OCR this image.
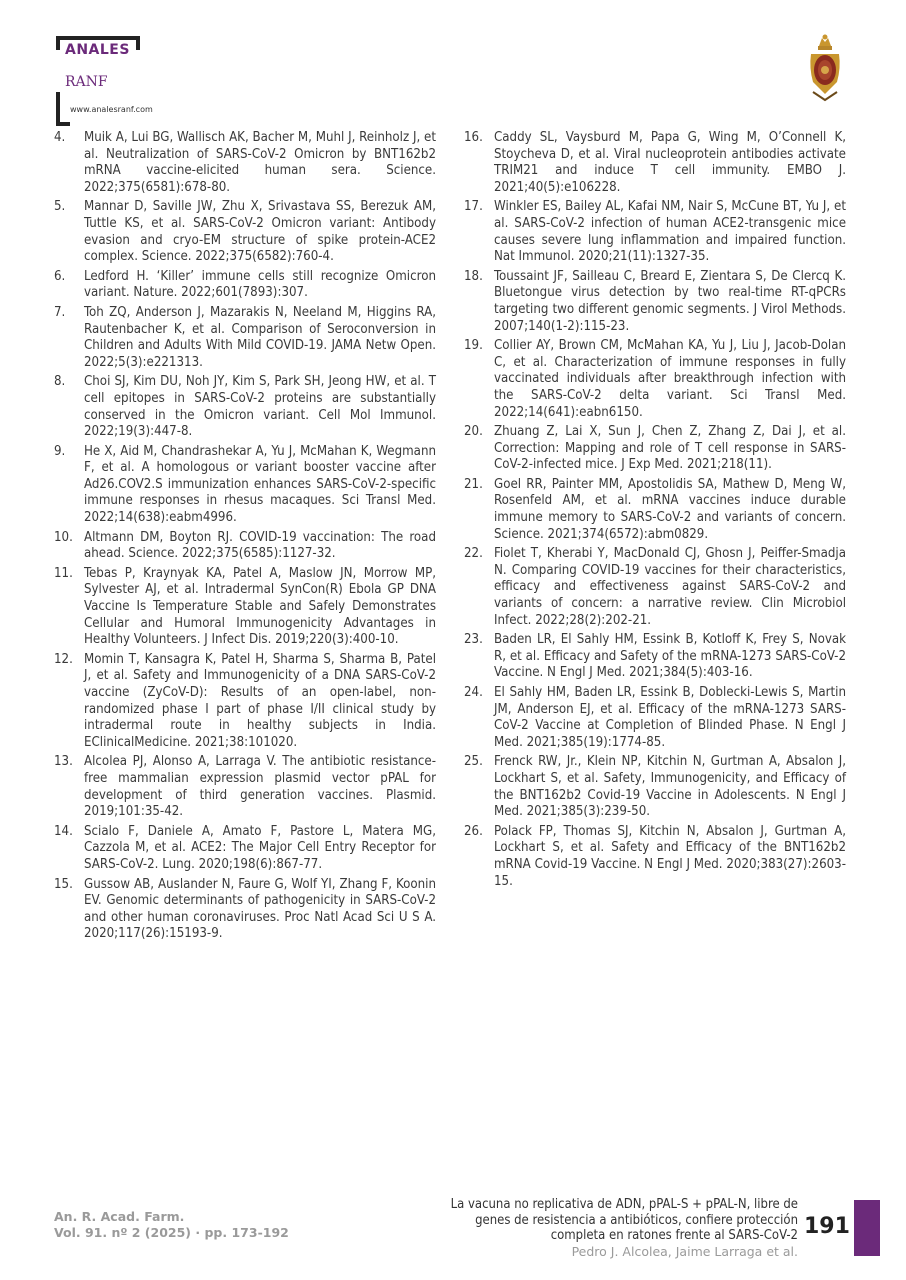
ANALES
RANF
www.analesranf.com
4. Muik A, Lui BG, Wallisch AK, Bacher M, Muhl J, Reinholz J, et al. Neutralization of SARS-CoV-2 Omicron by BNT162b2 mRNA vaccine-elicited human sera. Science. 2022;375(6581):678-80.
5. Mannar D, Saville JW, Zhu X, Srivastava SS, Berezuk AM, Tuttle KS, et al. SARS-CoV-2 Omicron variant: Antibody evasion and cryo-EM structure of spike protein-ACE2 complex. Science. 2022;375(6582):760-4.
6. Ledford H. ‘Killer’ immune cells still recognize Omicron variant. Nature. 2022;601(7893):307.
7. Toh ZQ, Anderson J, Mazarakis N, Neeland M, Higgins RA, Rautenbacher K, et al. Comparison of Seroconversion in Children and Adults With Mild COVID-19. JAMA Netw Open. 2022;5(3):e221313.
8. Choi SJ, Kim DU, Noh JY, Kim S, Park SH, Jeong HW, et al. T cell epitopes in SARS-CoV-2 proteins are substantially conserved in the Omicron variant. Cell Mol Immunol. 2022;19(3):447-8.
9. He X, Aid M, Chandrashekar A, Yu J, McMahan K, Wegmann F, et al. A homologous or variant booster vaccine after Ad26.COV2.S immunization enhances SARS-CoV-2-specific immune responses in rhesus macaques. Sci Transl Med. 2022;14(638):eabm4996.
10. Altmann DM, Boyton RJ. COVID-19 vaccination: The road ahead. Science. 2022;375(6585):1127-32.
11. Tebas P, Kraynyak KA, Patel A, Maslow JN, Morrow MP, Sylvester AJ, et al. Intradermal SynCon(R) Ebola GP DNA Vaccine Is Temperature Stable and Safely Demonstrates Cellular and Humoral Immunogenicity Advantages in Healthy Volunteers. J Infect Dis. 2019;220(3):400-10.
12. Momin T, Kansagra K, Patel H, Sharma S, Sharma B, Patel J, et al. Safety and Immunogenicity of a DNA SARS-CoV-2 vaccine (ZyCoV-D): Results of an open-label, non-randomized phase I part of phase I/II clinical study by intradermal route in healthy subjects in India. EClinicalMedicine. 2021;38:101020.
13. Alcolea PJ, Alonso A, Larraga V. The antibiotic resistance-free mammalian expression plasmid vector pPAL for development of third generation vaccines. Plasmid. 2019;101:35-42.
14. Scialo F, Daniele A, Amato F, Pastore L, Matera MG, Cazzola M, et al. ACE2: The Major Cell Entry Receptor for SARS-CoV-2. Lung. 2020;198(6):867-77.
15. Gussow AB, Auslander N, Faure G, Wolf YI, Zhang F, Koonin EV. Genomic determinants of pathogenicity in SARS-CoV-2 and other human coronaviruses. Proc Natl Acad Sci U S A. 2020;117(26):15193-9.
16. Caddy SL, Vaysburd M, Papa G, Wing M, O’Connell K, Stoycheva D, et al. Viral nucleoprotein antibodies activate TRIM21 and induce T cell immunity. EMBO J. 2021;40(5):e106228.
17. Winkler ES, Bailey AL, Kafai NM, Nair S, McCune BT, Yu J, et al. SARS-CoV-2 infection of human ACE2-transgenic mice causes severe lung inflammation and impaired function. Nat Immunol. 2020;21(11):1327-35.
18. Toussaint JF, Sailleau C, Breard E, Zientara S, De Clercq K. Bluetongue virus detection by two real-time RT-qPCRs targeting two different genomic segments. J Virol Methods. 2007;140(1-2):115-23.
19. Collier AY, Brown CM, McMahan KA, Yu J, Liu J, Jacob-Dolan C, et al. Characterization of immune responses in fully vaccinated individuals after breakthrough infection with the SARS-CoV-2 delta variant. Sci Transl Med. 2022;14(641):eabn6150.
20. Zhuang Z, Lai X, Sun J, Chen Z, Zhang Z, Dai J, et al. Correction: Mapping and role of T cell response in SARS-CoV-2-infected mice. J Exp Med. 2021;218(11).
21. Goel RR, Painter MM, Apostolidis SA, Mathew D, Meng W, Rosenfeld AM, et al. mRNA vaccines induce durable immune memory to SARS-CoV-2 and variants of concern. Science. 2021;374(6572):abm0829.
22. Fiolet T, Kherabi Y, MacDonald CJ, Ghosn J, Peiffer-Smadja N. Comparing COVID-19 vaccines for their characteristics, efficacy and effectiveness against SARS-CoV-2 and variants of concern: a narrative review. Clin Microbiol Infect. 2022;28(2):202-21.
23. Baden LR, El Sahly HM, Essink B, Kotloff K, Frey S, Novak R, et al. Efficacy and Safety of the mRNA-1273 SARS-CoV-2 Vaccine. N Engl J Med. 2021;384(5):403-16.
24. El Sahly HM, Baden LR, Essink B, Doblecki-Lewis S, Martin JM, Anderson EJ, et al. Efficacy of the mRNA-1273 SARS-CoV-2 Vaccine at Completion of Blinded Phase. N Engl J Med. 2021;385(19):1774-85.
25. Frenck RW, Jr., Klein NP, Kitchin N, Gurtman A, Absalon J, Lockhart S, et al. Safety, Immunogenicity, and Efficacy of the BNT162b2 Covid-19 Vaccine in Adolescents. N Engl J Med. 2021;385(3):239-50.
26. Polack FP, Thomas SJ, Kitchin N, Absalon J, Gurtman A, Lockhart S, et al. Safety and Efficacy of the BNT162b2 mRNA Covid-19 Vaccine. N Engl J Med. 2020;383(27):2603-15.
An. R. Acad. Farm.
Vol. 91. nº 2 (2025) · pp. 173-192
La vacuna no replicativa de ADN, pPAL-S + pPAL-N, libre de genes de resistencia a antibióticos, confiere protección completa en ratones frente al SARS-CoV-2
Pedro J. Alcolea, Jaime Larraga et al.
191
